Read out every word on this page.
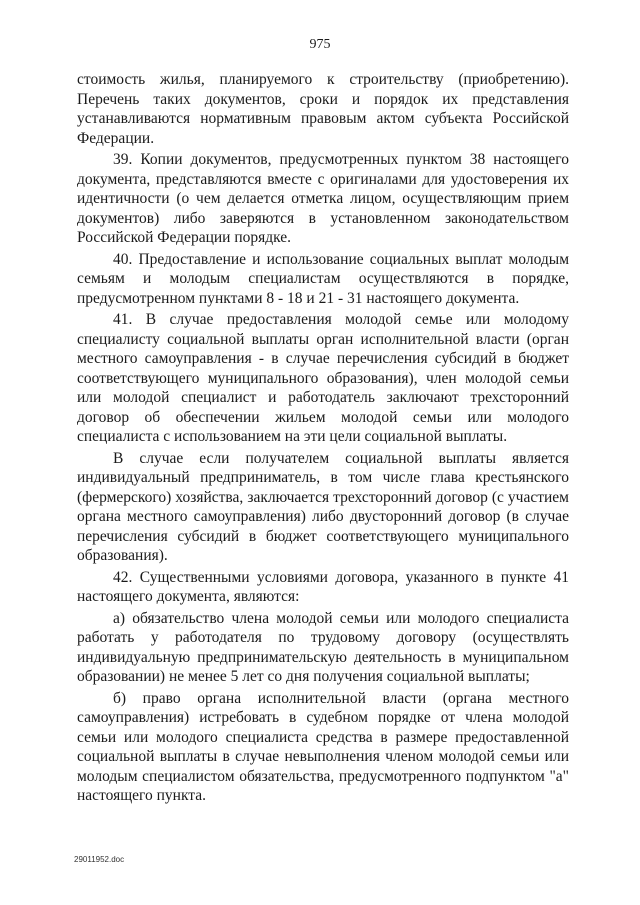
975

стоимость жилья, планируемого к строительству (приобретению). Перечень таких документов, сроки и порядок их представления устанавливаются нормативным правовым актом субъекта Российской Федерации.

39. Копии документов, предусмотренных пунктом 38 настоящего документа, представляются вместе с оригиналами для удостоверения их идентичности (о чем делается отметка лицом, осуществляющим прием документов) либо заверяются в установленном законодательством Российской Федерации порядке.

40. Предоставление и использование социальных выплат молодым семьям и молодым специалистам осуществляются в порядке, предусмотренном пунктами 8 - 18 и 21 - 31 настоящего документа.

41. В случае предоставления молодой семье или молодому специалисту социальной выплаты орган исполнительной власти (орган местного самоуправления - в случае перечисления субсидий в бюджет соответствующего муниципального образования), член молодой семьи или молодой специалист и работодатель заключают трехсторонний договор об обеспечении жильем молодой семьи или молодого специалиста с использованием на эти цели социальной выплаты.

В случае если получателем социальной выплаты является индивидуальный предприниматель, в том числе глава крестьянского (фермерского) хозяйства, заключается трехсторонний договор (с участием органа местного самоуправления) либо двусторонний договор (в случае перечисления субсидий в бюджет соответствующего муниципального образования).

42. Существенными условиями договора, указанного в пункте 41 настоящего документа, являются:

а) обязательство члена молодой семьи или молодого специалиста работать у работодателя по трудовому договору (осуществлять индивидуальную предпринимательскую деятельность в муниципальном образовании) не менее 5 лет со дня получения социальной выплаты;

б) право органа исполнительной власти (органа местного самоуправления) истребовать в судебном порядке от члена молодой семьи или молодого специалиста средства в размере предоставленной социальной выплаты в случае невыполнения членом молодой семьи или молодым специалистом обязательства, предусмотренного подпунктом "а" настоящего пункта.

29011952.doc
